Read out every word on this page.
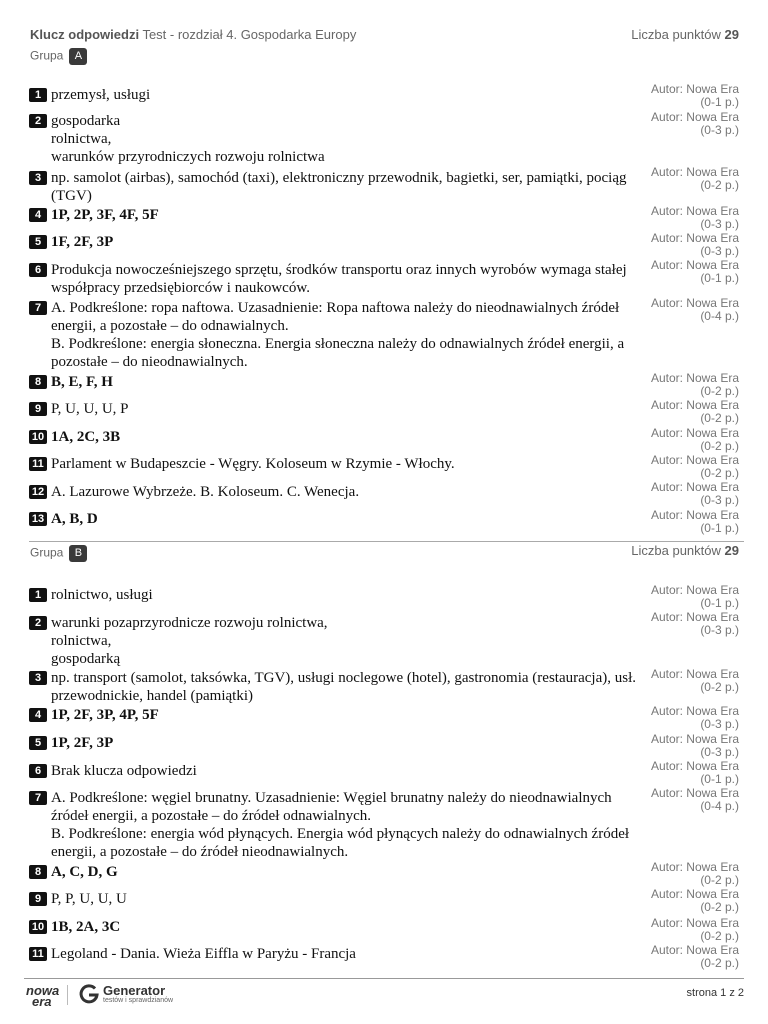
Klucz odpowiedzi Test - rozdział 4. Gospodarka Europy	Liczba punktów 29
Grupa A
1 przemysł, usługi	Autor: Nowa Era
(0-1 p.)
2 gospodarka
rolnictwa,
warunków przyrodniczych rozwoju rolnictwa
Autor: Nowa Era
(0-3 p.)
3 np. samolot (airbas), samochód (taxi), elektroniczny przewodnik, bagietki, ser, pamiątki, pociąg (TGV)
Autor: Nowa Era
(0-2 p.)
4 1P, 2P, 3F, 4F, 5F	Autor: Nowa Era
(0-3 p.)
5 1F, 2F, 3P	Autor: Nowa Era
(0-3 p.)
6 Produkcja nowocześniejszego sprzętu, środków transportu oraz innych wyrobów wymaga stałej współpracy przedsiębiorców i naukowców.
Autor: Nowa Era
(0-1 p.)
7 A. Podkreślone: ropa naftowa. Uzasadnienie: Ropa naftowa należy do nieodnawialnych źródeł energii, a pozostałe – do odnawialnych.
B. Podkreślone: energia słoneczna. Energia słoneczna należy do odnawialnych źródeł energii, a pozostałe – do nieodnawialnych.
Autor: Nowa Era
(0-4 p.)
8 B, E, F, H	Autor: Nowa Era
(0-2 p.)
9 P, U, U, U, P	Autor: Nowa Era
(0-2 p.)
10 1A, 2C, 3B	Autor: Nowa Era
(0-2 p.)
11 Parlament w Budapeszcie - Węgry. Koloseum w Rzymie - Włochy.	Autor: Nowa Era
(0-2 p.)
12 A. Lazurowe Wybrzeże. B. Koloseum. C. Wenecja.	Autor: Nowa Era
(0-3 p.)
13 A, B, D	Autor: Nowa Era
(0-1 p.)
Grupa B	Liczba punktów 29
1 rolnictwo, usługi	Autor: Nowa Era
(0-1 p.)
2 warunki pozaprzyrodnicze rozwoju rolnictwa,
rolnictwa,
gospodarką
Autor: Nowa Era
(0-3 p.)
3 np. transport (samolot, taksówka, TGV), usługi noclegowe (hotel), gastronomia (restauracja), usł. przewodnickie, handel (pamiątki)
Autor: Nowa Era
(0-2 p.)
4 1P, 2F, 3P, 4P, 5F	Autor: Nowa Era
(0-3 p.)
5 1P, 2F, 3P	Autor: Nowa Era
(0-3 p.)
6 Brak klucza odpowiedzi	Autor: Nowa Era
(0-1 p.)
7 A. Podkreślone: węgiel brunatny. Uzasadnienie: Węgiel brunatny należy do nieodnawialnych źródeł energii, a pozostałe – do źródeł odnawialnych.
B. Podkreślone: energia wód płynących. Energia wód płynących należy do odnawialnych źródeł energii, a pozostałe – do źródeł nieodnawialnych.
Autor: Nowa Era
(0-4 p.)
8 A, C, D, G	Autor: Nowa Era
(0-2 p.)
9 P, P, U, U, U	Autor: Nowa Era
(0-2 p.)
10 1B, 2A, 3C	Autor: Nowa Era
(0-2 p.)
11 Legoland - Dania. Wieża Eiffla w Paryżu - Francja	Autor: Nowa Era
(0-2 p.)
nowa
era
Generator
testów i sprawdzianów
strona 1 z 2
